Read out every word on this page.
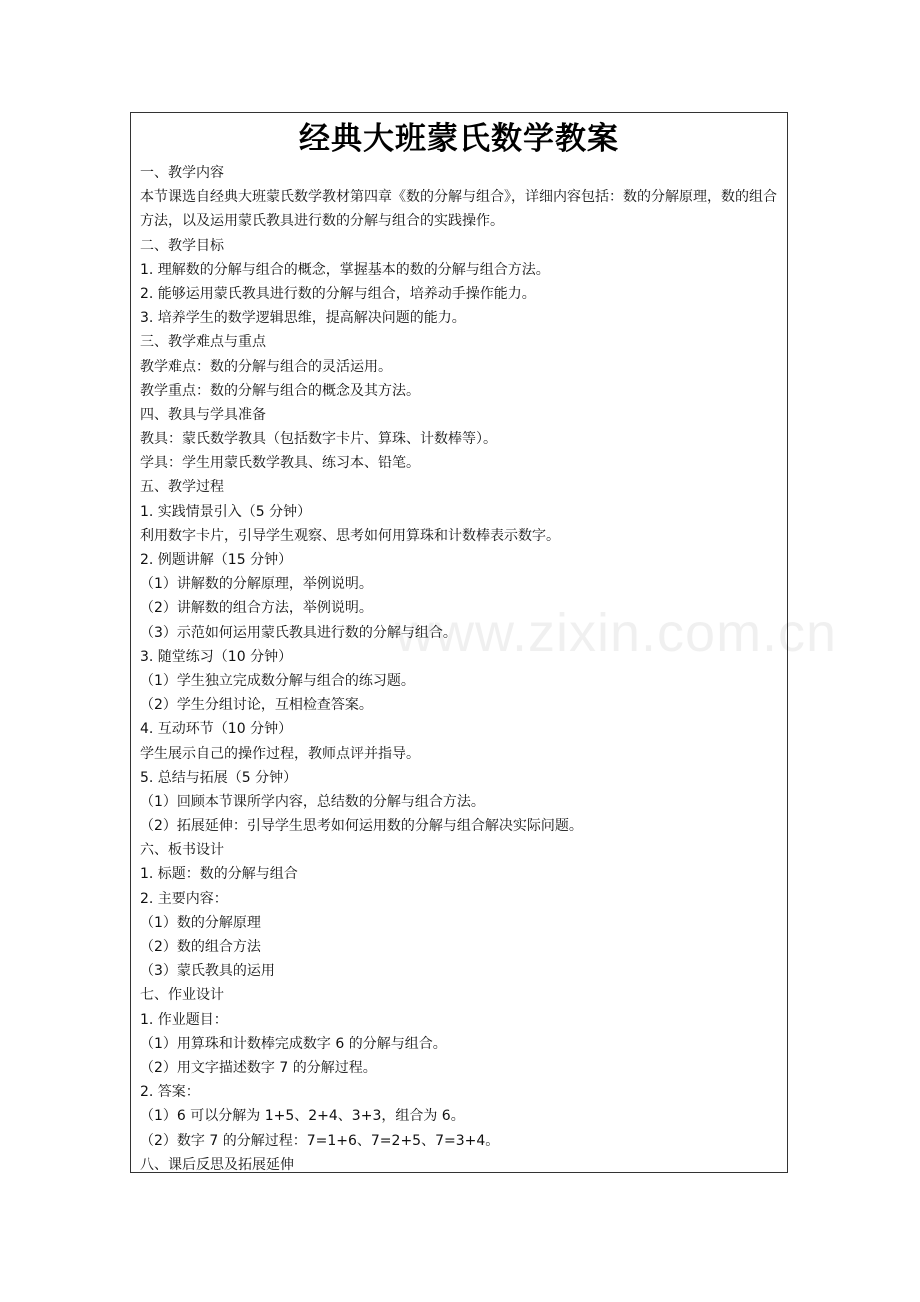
经典大班蒙氏数学教案
一、教学内容
本节课选自经典大班蒙氏数学教材第四章《数的分解与组合》，详细内容包括：数的分解原理，数的组合方法，以及运用蒙氏教具进行数的分解与组合的实践操作。
二、教学目标
1. 理解数的分解与组合的概念，掌握基本的数的分解与组合方法。
2. 能够运用蒙氏教具进行数的分解与组合，培养动手操作能力。
3. 培养学生的数学逻辑思维，提高解决问题的能力。
三、教学难点与重点
教学难点：数的分解与组合的灵活运用。
教学重点：数的分解与组合的概念及其方法。
四、教具与学具准备
教具：蒙氏数学教具（包括数字卡片、算珠、计数棒等）。
学具：学生用蒙氏数学教具、练习本、铅笔。
五、教学过程
1. 实践情景引入（5 分钟）
利用数字卡片，引导学生观察、思考如何用算珠和计数棒表示数字。
2. 例题讲解（15 分钟）
（1）讲解数的分解原理，举例说明。
（2）讲解数的组合方法，举例说明。
（3）示范如何运用蒙氏教具进行数的分解与组合。
3. 随堂练习（10 分钟）
（1）学生独立完成数分解与组合的练习题。
（2）学生分组讨论，互相检查答案。
4. 互动环节（10 分钟）
学生展示自己的操作过程，教师点评并指导。
5. 总结与拓展（5 分钟）
（1）回顾本节课所学内容，总结数的分解与组合方法。
（2）拓展延伸：引导学生思考如何运用数的分解与组合解决实际问题。
六、板书设计
1. 标题：数的分解与组合
2. 主要内容：
（1）数的分解原理
（2）数的组合方法
（3）蒙氏教具的运用
七、作业设计
1. 作业题目：
（1）用算珠和计数棒完成数字 6 的分解与组合。
（2）用文字描述数字 7 的分解过程。
2. 答案：
（1）6 可以分解为 1+5、2+4、3+3，组合为 6。
（2）数字 7 的分解过程：7=1+6、7=2+5、7=3+4。
八、课后反思及拓展延伸
www.zixin.com.cn
